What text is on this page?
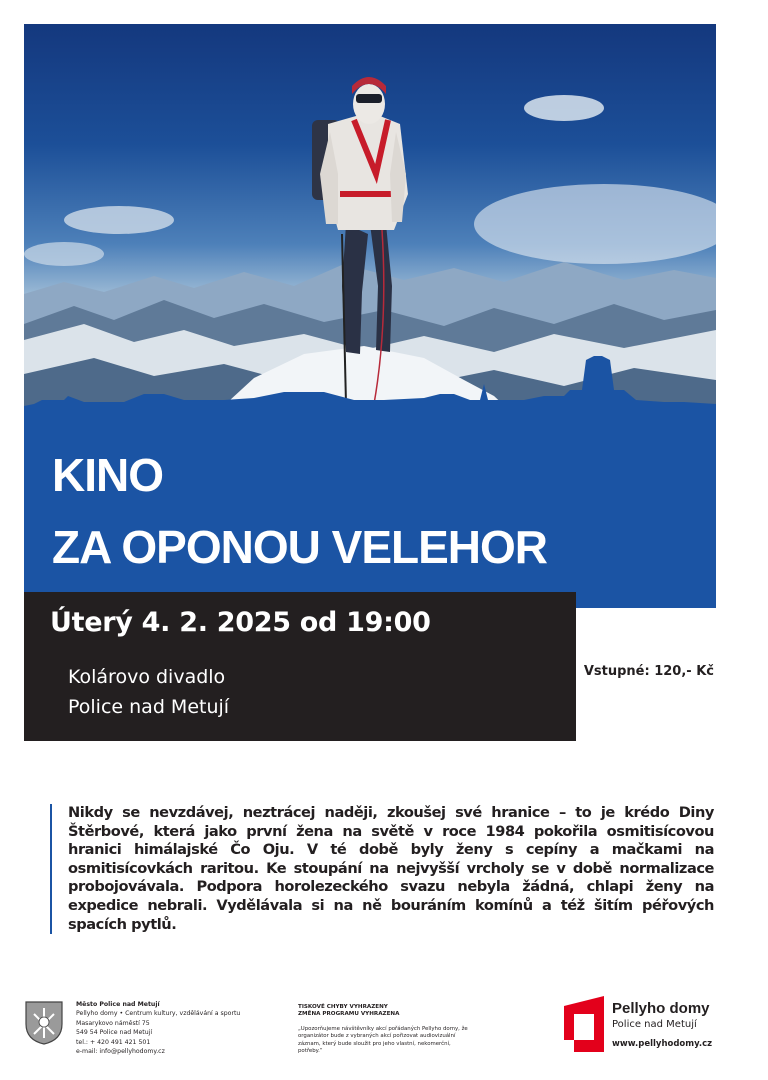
KINO
ZA OPONOU VELEHOR
Úterý 4. 2. 2025 od 19:00
Kolárovo divadlo
Police nad Metují
Vstupné: 120,- Kč
Nikdy se nevzdávej, neztrácej naději, zkoušej své hranice – to je krédo Diny Štěrbové, která jako první žena na světě v roce 1984 pokořila osmitisícovou hranici himálajské Čo Oju. V té době byly ženy s cepíny a mačkami na osmitisícovkách raritou. Ke stoupání na nejvyšší vrcholy se v době normalizace probojovávala. Podpora horolezeckého svazu nebyla žádná, chlapi ženy na expedice nebrali. Vydělávala si na ně bouráním komínů a též šitím péřových spacích pytlů.
Město Police nad Metují
Pellyho domy • Centrum kultury, vzdělávání a sportu
Masarykovo náměstí 75
549 54 Police nad Metují
tel.: + 420 491 421 501
e-mail: info@pellyhodomy.cz
TISKOVÉ CHYBY VYHRAZENY
ZMĚNA PROGRAMU VYHRAZENA
„Upozorňujeme návštěvníky akcí pořádaných Pellyho domy, že organizátor bude z vybraných akcí pořizovat audiovizuální záznam, který bude sloužit pro jeho vlastní, nekomerční, potřeby.“
Pellyho domy
Police nad Metují
www.pellyhodomy.cz
